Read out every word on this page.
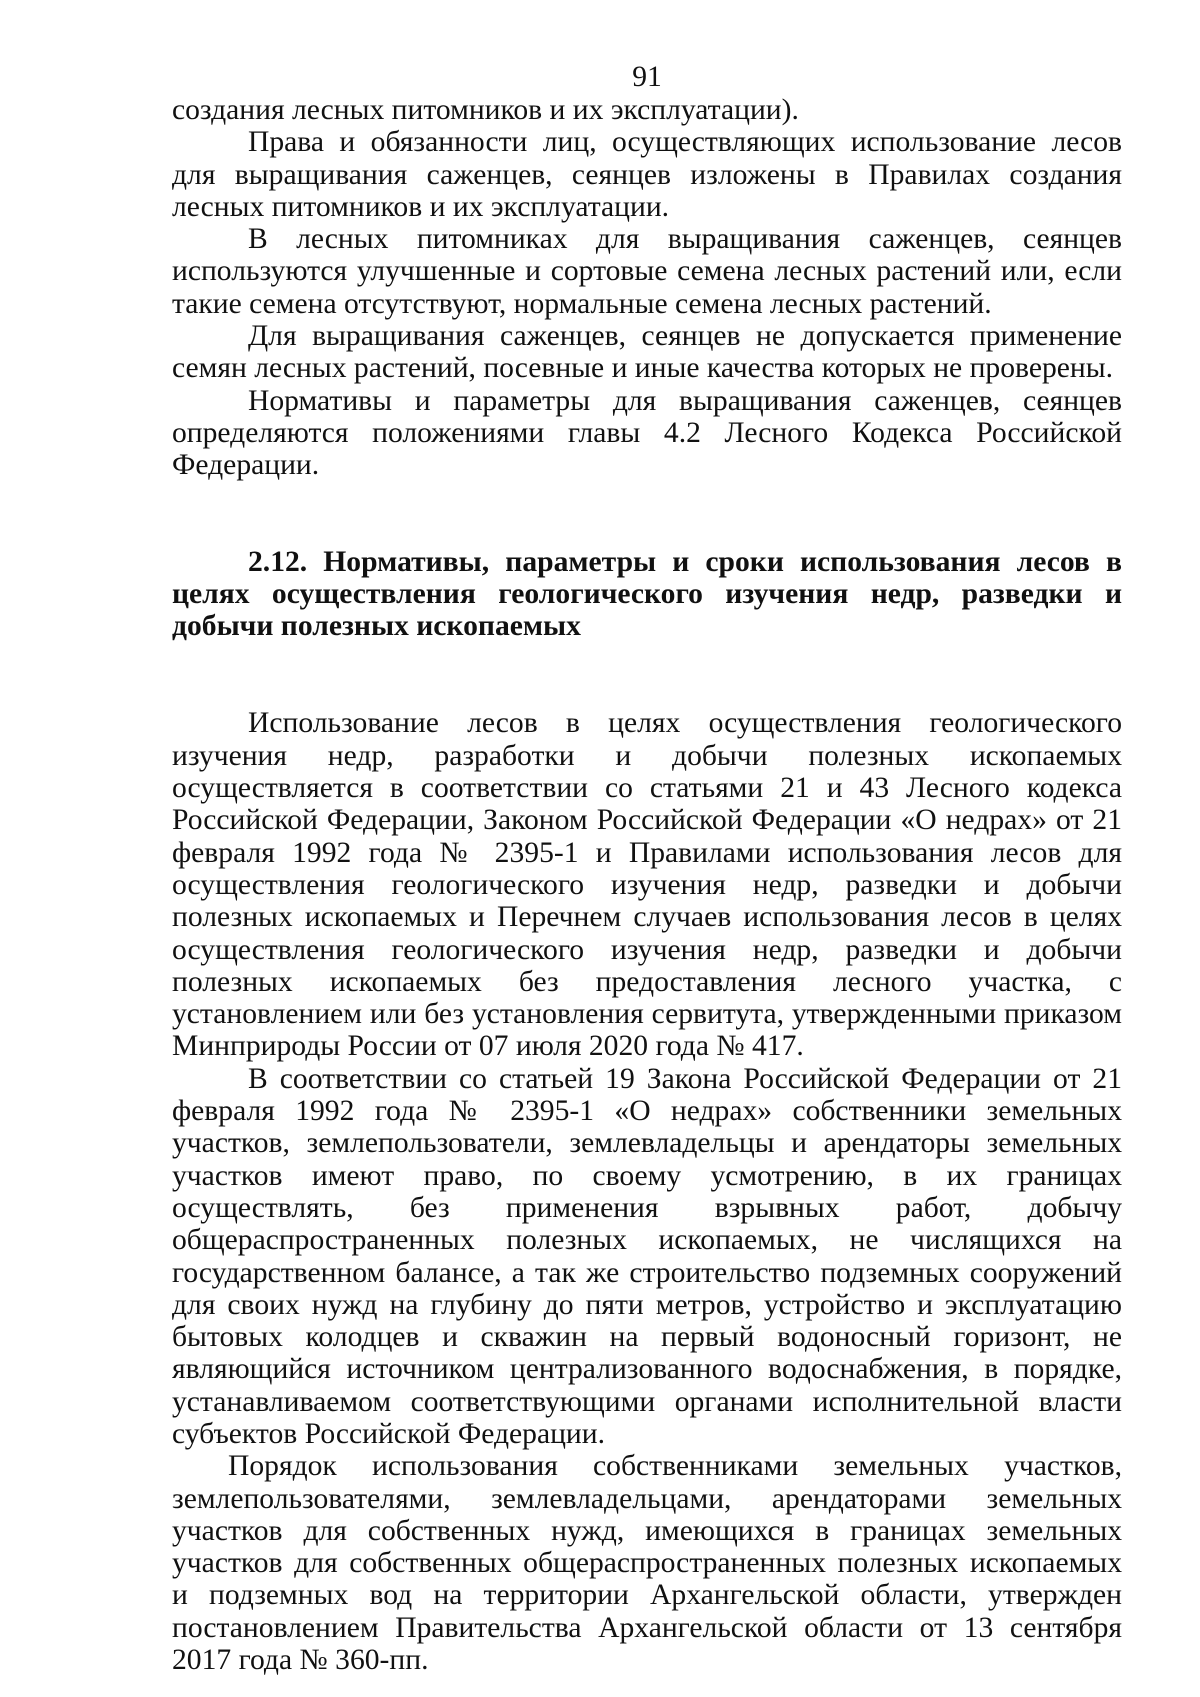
91

создания лесных питомников и их эксплуатации).

Права и обязанности лиц, осуществляющих использование лесов для выращивания саженцев, сеянцев изложены в Правилах создания лесных питомников и их эксплуатации.

В лесных питомниках для выращивания саженцев, сеянцев используются улучшенные и сортовые семена лесных растений или, если такие семена отсутствуют, нормальные семена лесных растений.

Для выращивания саженцев, сеянцев не допускается применение семян лесных растений, посевные и иные качества которых не проверены.

Нормативы и параметры для выращивания саженцев, сеянцев определяются положениями главы 4.2 Лесного Кодекса Российской Федерации.

2.12. Нормативы, параметры и сроки использования лесов в целях осуществления геологического изучения недр, разведки и добычи полезных ископаемых

Использование лесов в целях осуществления геологического изучения недр, разработки и добычи полезных ископаемых осуществляется в соответствии со статьями 21 и 43 Лесного кодекса Российской Федерации, Законом Российской Федерации «О недрах» от 21 февраля 1992 года № 2395-1 и Правилами использования лесов для осуществления геологического изучения недр, разведки и добычи полезных ископаемых и Перечнем случаев использования лесов в целях осуществления геологического изучения недр, разведки и добычи полезных ископаемых без предоставления лесного участка, с установлением или без установления сервитута, утвержденными приказом Минприроды России от 07 июля 2020 года № 417.

В соответствии со статьей 19 Закона Российской Федерации от 21 февраля 1992 года № 2395-1 «О недрах» собственники земельных участков, землепользователи, землевладельцы и арендаторы земельных участков имеют право, по своему усмотрению, в их границах осуществлять, без применения взрывных работ, добычу общераспространенных полезных ископаемых, не числящихся на государственном балансе, а так же строительство подземных сооружений для своих нужд на глубину до пяти метров, устройство и эксплуатацию бытовых колодцев и скважин на первый водоносный горизонт, не являющийся источником централизованного водоснабжения, в порядке, устанавливаемом соответствующими органами исполнительной власти субъектов Российской Федерации.

Порядок использования собственниками земельных участков, землепользователями, землевладельцами, арендаторами земельных участков для собственных нужд, имеющихся в границах земельных участков для собственных общераспространенных полезных ископаемых и подземных вод на территории Архангельской области, утвержден постановлением Правительства Архангельской области от 13 сентября 2017 года № 360-пп.
